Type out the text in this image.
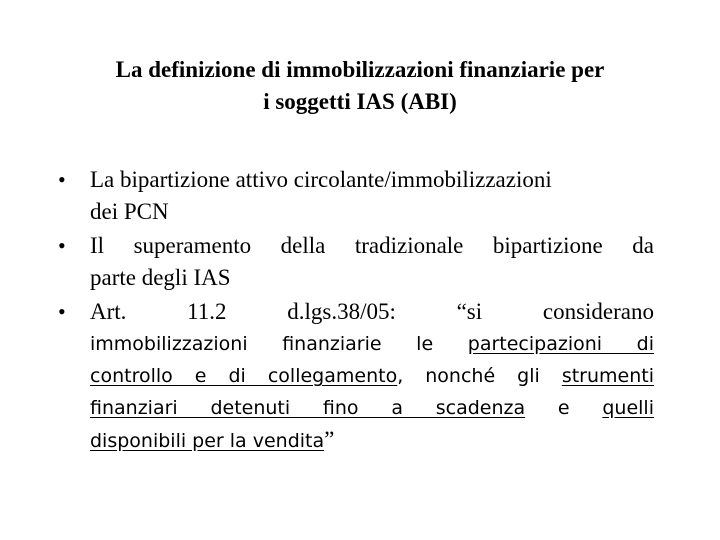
La definizione di immobilizzazioni finanziarie per
i soggetti IAS (ABI)
• La bipartizione attivo circolante/immobilizzazioni
dei PCN
• Il superamento della tradizionale bipartizione da
parte degli IAS
• Art. 11.2 d.lgs.38/05: “si considerano
immobilizzazioni finanziarie le partecipazioni di
controllo e di collegamento, nonché gli strumenti
finanziari detenuti fino a scadenza e quelli
disponibili per la vendita”
